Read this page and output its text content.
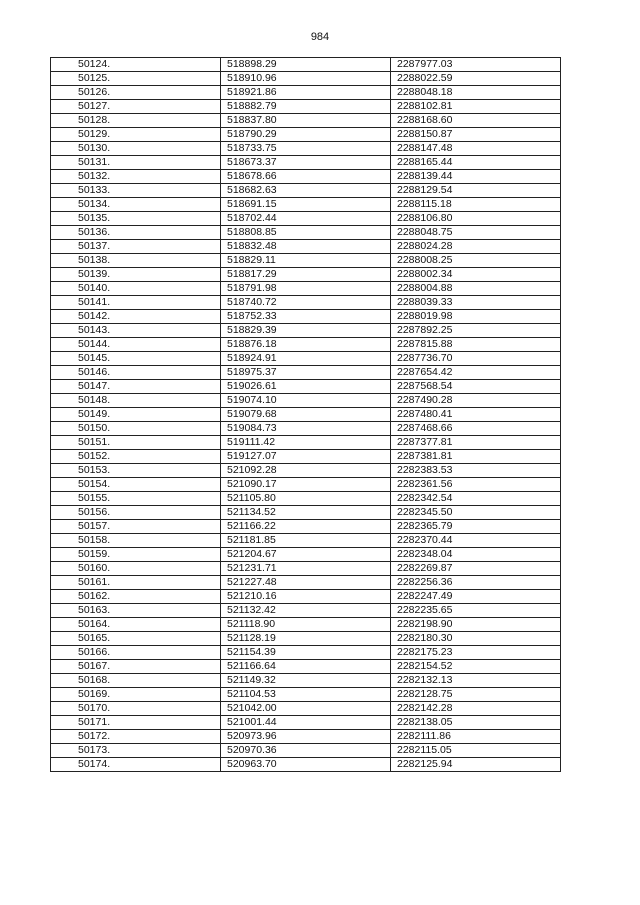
984
50124.	518898.29	2287977.03
50125.	518910.96	2288022.59
50126.	518921.86	2288048.18
50127.	518882.79	2288102.81
50128.	518837.80	2288168.60
50129.	518790.29	2288150.87
50130.	518733.75	2288147.48
50131.	518673.37	2288165.44
50132.	518678.66	2288139.44
50133.	518682.63	2288129.54
50134.	518691.15	2288115.18
50135.	518702.44	2288106.80
50136.	518808.85	2288048.75
50137.	518832.48	2288024.28
50138.	518829.11	2288008.25
50139.	518817.29	2288002.34
50140.	518791.98	2288004.88
50141.	518740.72	2288039.33
50142.	518752.33	2288019.98
50143.	518829.39	2287892.25
50144.	518876.18	2287815.88
50145.	518924.91	2287736.70
50146.	518975.37	2287654.42
50147.	519026.61	2287568.54
50148.	519074.10	2287490.28
50149.	519079.68	2287480.41
50150.	519084.73	2287468.66
50151.	519111.42	2287377.81
50152.	519127.07	2287381.81
50153.	521092.28	2282383.53
50154.	521090.17	2282361.56
50155.	521105.80	2282342.54
50156.	521134.52	2282345.50
50157.	521166.22	2282365.79
50158.	521181.85	2282370.44
50159.	521204.67	2282348.04
50160.	521231.71	2282269.87
50161.	521227.48	2282256.36
50162.	521210.16	2282247.49
50163.	521132.42	2282235.65
50164.	521118.90	2282198.90
50165.	521128.19	2282180.30
50166.	521154.39	2282175.23
50167.	521166.64	2282154.52
50168.	521149.32	2282132.13
50169.	521104.53	2282128.75
50170.	521042.00	2282142.28
50171.	521001.44	2282138.05
50172.	520973.96	2282111.86
50173.	520970.36	2282115.05
50174.	520963.70	2282125.94
